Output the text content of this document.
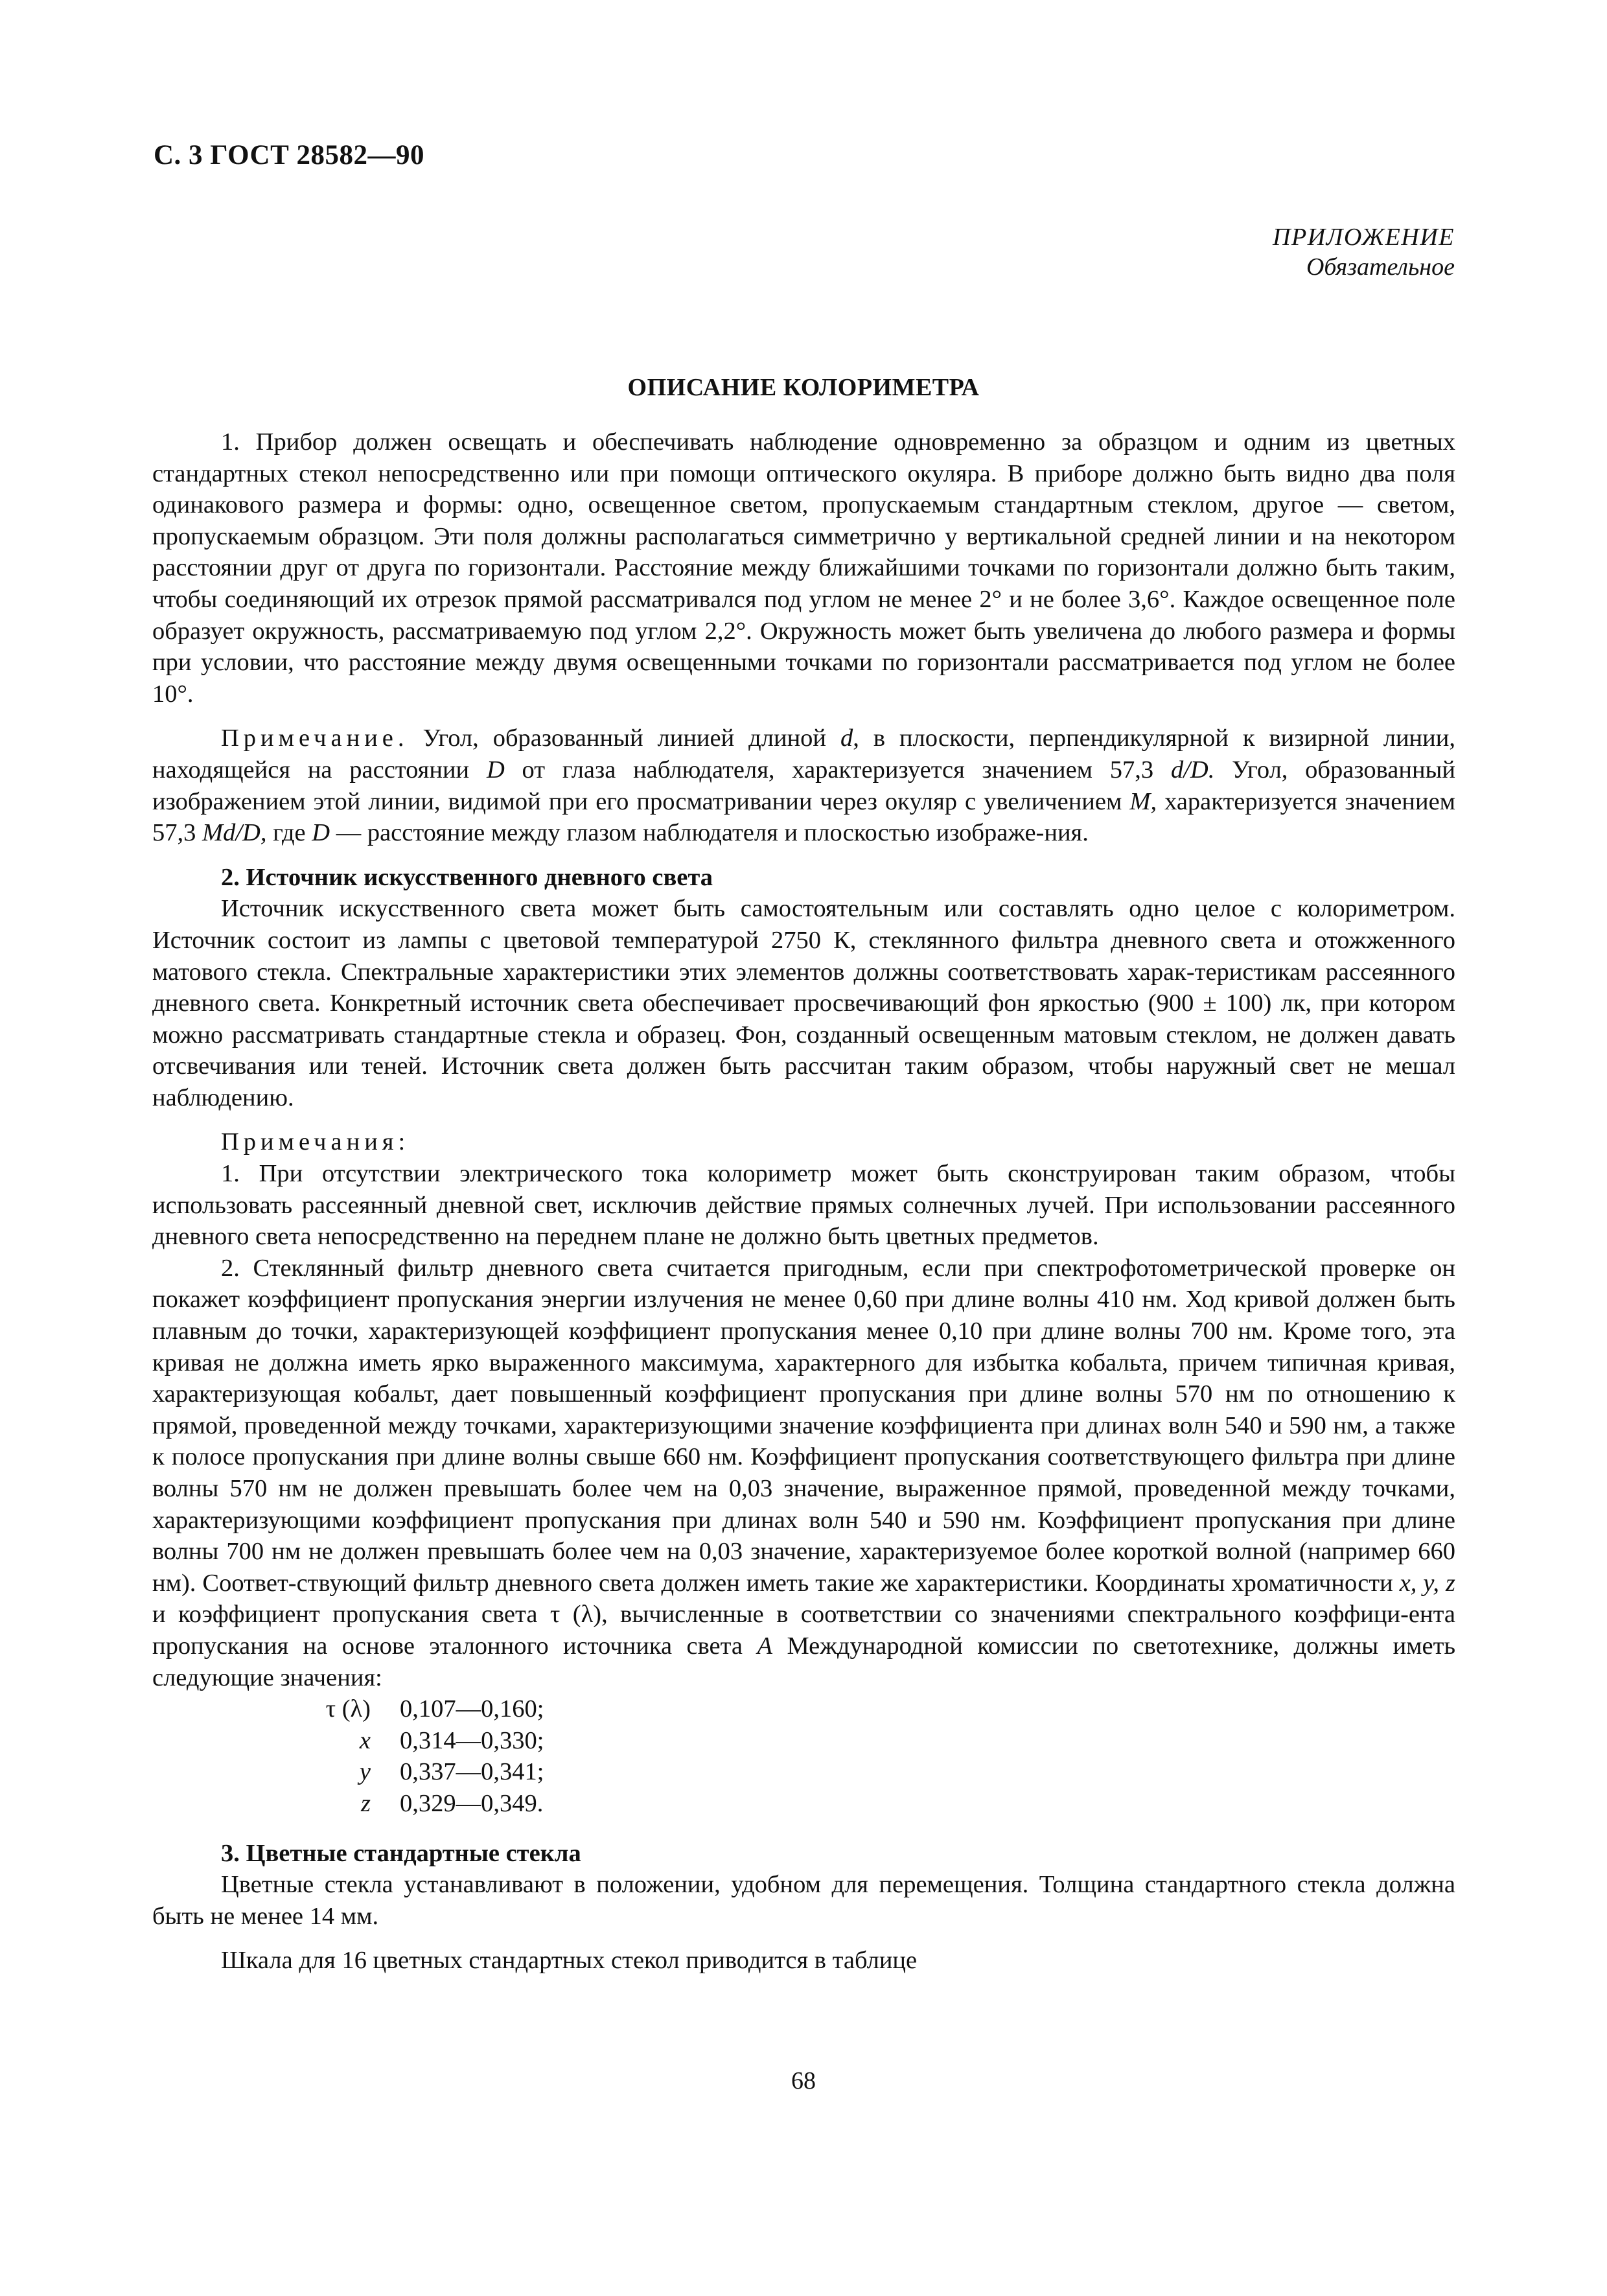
С. 3 ГОСТ 28582—90
ПРИЛОЖЕНИЕ
Обязательное
ОПИСАНИЕ КОЛОРИМЕТРА

1. Прибор должен освещать и обеспечивать наблюдение одновременно за образцом и одним из цветных стандартных стекол непосредственно или при помощи оптического окуляра. В приборе должно быть видно два поля одинакового размера и формы: одно, освещенное светом, пропускаемым стандартным стеклом, другое — светом, пропускаемым образцом. Эти поля должны располагаться симметрично у вертикальной средней линии и на некотором расстоянии друг от друга по горизонтали. Расстояние между ближайшими точками по горизонтали должно быть таким, чтобы соединяющий их отрезок прямой рассматривался под углом не менее 2° и не более 3,6°. Каждое освещенное поле образует окружность, рассматриваемую под углом 2,2°. Окружность может быть увеличена до любого размера и формы при условии, что расстояние между двумя освещенными точками по горизонтали рассматривается под углом не более 10°.

Примечание. Угол, образованный линией длиной d, в плоскости, перпендикулярной к визирной линии, находящейся на расстоянии D от глаза наблюдателя, характеризуется значением 57,3 d/D. Угол, образованный изображением этой линии, видимой при его просматривании через окуляр с увеличением M, характеризуется значением 57,3 Md/D, где D — расстояние между глазом наблюдателя и плоскостью изображе-ния.

2. Источник искусственного дневного света

Источник искусственного света может быть самостоятельным или составлять одно целое с колориметром. Источник состоит из лампы с цветовой температурой 2750 К, стеклянного фильтра дневного света и отожженного матового стекла. Спектральные характеристики этих элементов должны соответствовать харак-теристикам рассеянного дневного света. Конкретный источник света обеспечивает просвечивающий фон яркостью (900 ± 100) лк, при котором можно рассматривать стандартные стекла и образец. Фон, созданный освещенным матовым стеклом, не должен давать отсвечивания или теней. Источник света должен быть рассчитан таким образом, чтобы наружный свет не мешал наблюдению.

Примечания:

1. При отсутствии электрического тока колориметр может быть сконструирован таким образом, чтобы использовать рассеянный дневной свет, исключив действие прямых солнечных лучей. При использовании рассеянного дневного света непосредственно на переднем плане не должно быть цветных предметов.

2. Стеклянный фильтр дневного света считается пригодным, если при спектрофотометрической проверке он покажет коэффициент пропускания энергии излучения не менее 0,60 при длине волны 410 нм. Ход кривой должен быть плавным до точки, характеризующей коэффициент пропускания менее 0,10 при длине волны 700 нм. Кроме того, эта кривая не должна иметь ярко выраженного максимума, характерного для избытка кобальта, причем типичная кривая, характеризующая кобальт, дает повышенный коэффициент пропускания при длине волны 570 нм по отношению к прямой, проведенной между точками, характеризующими значение коэффициента при длинах волн 540 и 590 нм, а также к полосе пропускания при длине волны свыше 660 нм. Коэффициент пропускания соответствующего фильтра при длине волны 570 нм не должен превышать более чем на 0,03 значение, выраженное прямой, проведенной между точками, характеризующими коэффициент пропускания при длинах волн 540 и 590 нм. Коэффициент пропускания при длине волны 700 нм не должен превышать более чем на 0,03 значение, характеризуемое более короткой волной (например 660 нм). Соответ-ствующий фильтр дневного света должен иметь такие же характеристики. Координаты хроматичности x, y, z и коэффициент пропускания света τ (λ), вычисленные в соответствии со значениями спектрального коэффици-ента пропускания на основе эталонного источника света A Международной комиссии по светотехнике, должны иметь следующие значения:

τ (λ)	0,107—0,160;
x	0,314—0,330;
y	0,337—0,341;
z	0,329—0,349.
3. Цветные стандартные стекла

Цветные стекла устанавливают в положении, удобном для перемещения. Толщина стандартного стекла должна быть не менее 14 мм.

Шкала для 16 цветных стандартных стекол приводится в таблице

68
